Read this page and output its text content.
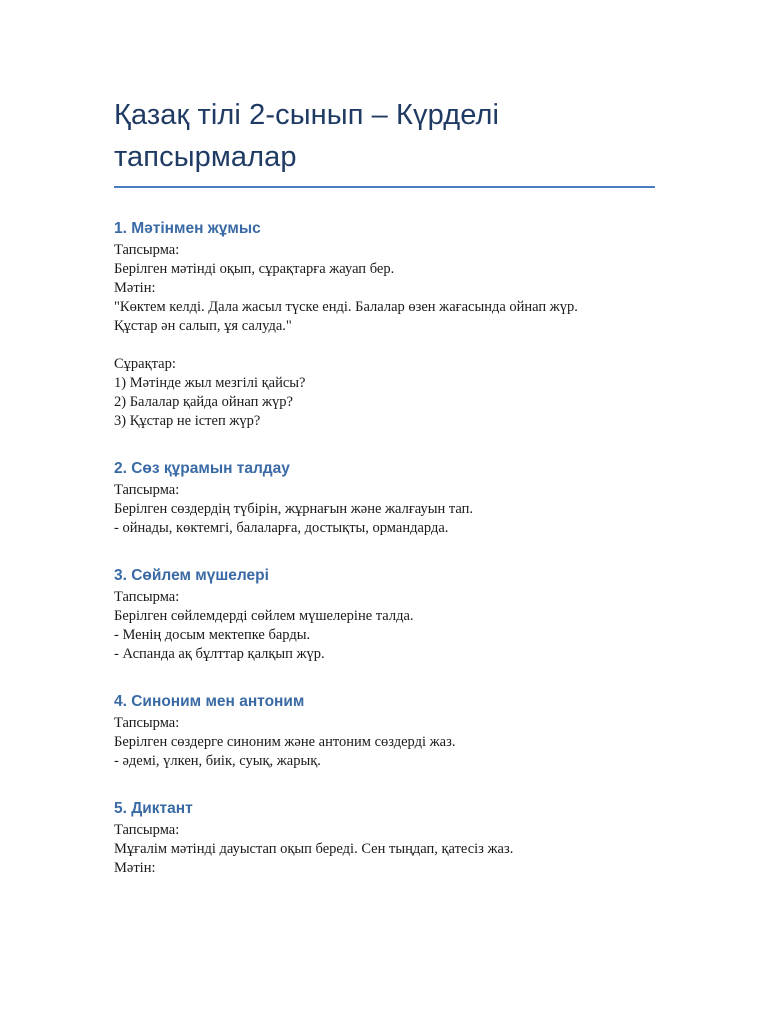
Қазақ тілі 2-сынып – Күрделі
тапсырмалар
1. Мәтінмен жұмыс
Тапсырма:
Берілген мәтінді оқып, сұрақтарға жауап бер.
Мәтін:
"Көктем келді. Дала жасыл түске енді. Балалар өзен жағасында ойнап жүр.
Құстар ән салып, ұя салуда."
Сұрақтар:
1) Мәтінде жыл мезгілі қайсы?
2) Балалар қайда ойнап жүр?
3) Құстар не істеп жүр?
2. Сөз құрамын талдау
Тапсырма:
Берілген сөздердің түбірін, жұрнағын және жалғауын тап.
- ойнады, көктемгі, балаларға, достықты, ормандарда.
3. Сөйлем мүшелері
Тапсырма:
Берілген сөйлемдерді сөйлем мүшелеріне талда.
- Менің досым мектепке барды.
- Аспанда ақ бұлттар қалқып жүр.
4. Синоним мен антоним
Тапсырма:
Берілген сөздерге синоним және антоним сөздерді жаз.
- әдемі, үлкен, биік, суық, жарық.
5. Диктант
Тапсырма:
Мұғалім мәтінді дауыстап оқып береді. Сен тыңдап, қатесіз жаз.
Мәтін:
